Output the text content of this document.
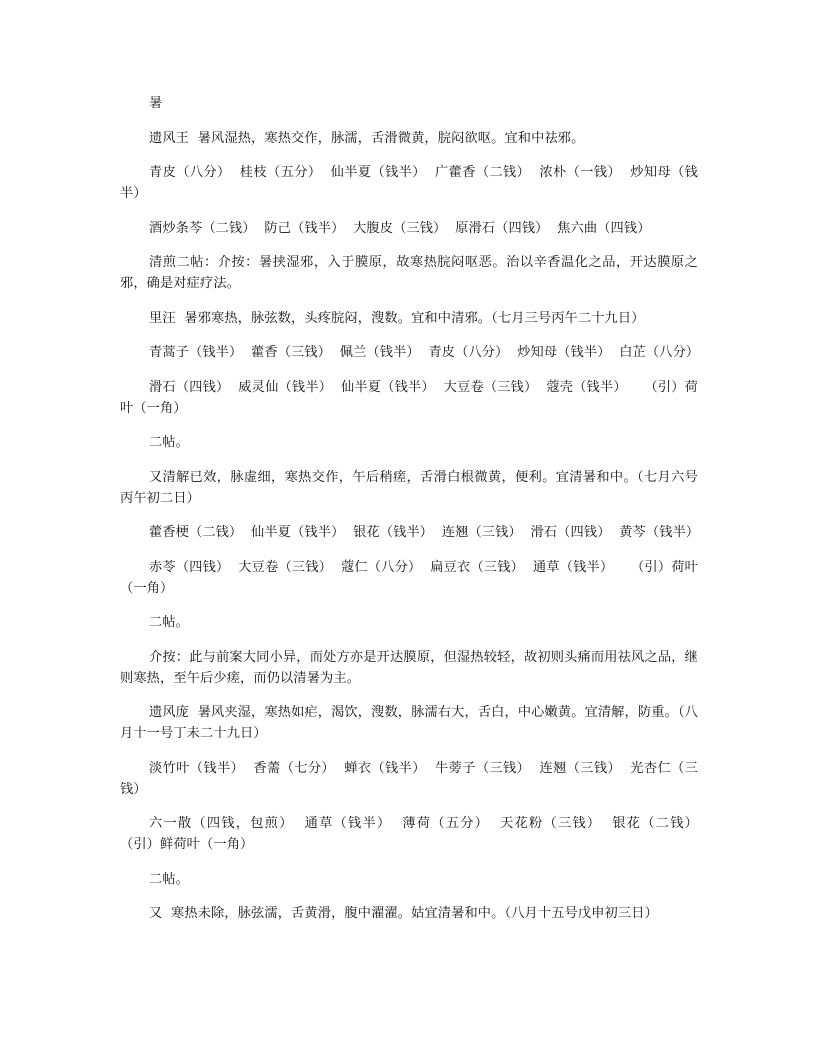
暑

遗风王  暑风湿热，寒热交作，脉濡，舌滑微黄，脘闷欲呕。宜和中祛邪。

青皮（八分）  桂枝（五分）  仙半夏（钱半）  广藿香（二钱）  浓朴（一钱）  炒知母（钱半）

酒炒条芩（二钱）  防己（钱半）  大腹皮（三钱）  原滑石（四钱）  焦六曲（四钱）

清煎二帖：介按：暑挟湿邪，入于膜原，故寒热脘闷呕恶。治以辛香温化之品，开达膜原之邪，确是对症疗法。

里汪  暑邪寒热，脉弦数，头疼脘闷，溲数。宜和中清邪。（七月三号丙午二十九日）

青蒿子（钱半）  藿香（三钱）  佩兰（钱半）  青皮（八分）  炒知母（钱半）  白芷（八分）

滑石（四钱）  威灵仙（钱半）  仙半夏（钱半）  大豆卷（三钱）  蔻壳（钱半）    （引）荷叶（一角）

二帖。

又清解已效，脉虚细，寒热交作，午后稍瘥，舌滑白根微黄，便利。宜清暑和中。（七月六号丙午初二日）

藿香梗（二钱）  仙半夏（钱半）  银花（钱半）  连翘（三钱）  滑石（四钱）  黄芩（钱半）

赤苓（四钱）  大豆卷（三钱）  蔻仁（八分）  扁豆衣（三钱）  通草（钱半）    （引）荷叶（一角）

二帖。

介按：此与前案大同小异，而处方亦是开达膜原，但湿热较轻，故初则头痛而用祛风之品，继则寒热，至午后少瘥，而仍以清暑为主。

遗风庞  暑风夹湿，寒热如疟，渴饮，溲数，脉濡右大，舌白，中心嫩黄。宜清解，防重。（八月十一号丁未二十九日）

淡竹叶（钱半）  香薷（七分）  蝉衣（钱半）  牛蒡子（三钱）  连翘（三钱）  光杏仁（三钱）

六一散（四钱，包煎）  通草（钱半）  薄荷（五分）  天花粉（三钱）  银花（二钱）    （引）鲜荷叶（一角）

二帖。

又  寒热未除，脉弦濡，舌黄滑，腹中濯濯。姑宜清暑和中。（八月十五号戊申初三日）
